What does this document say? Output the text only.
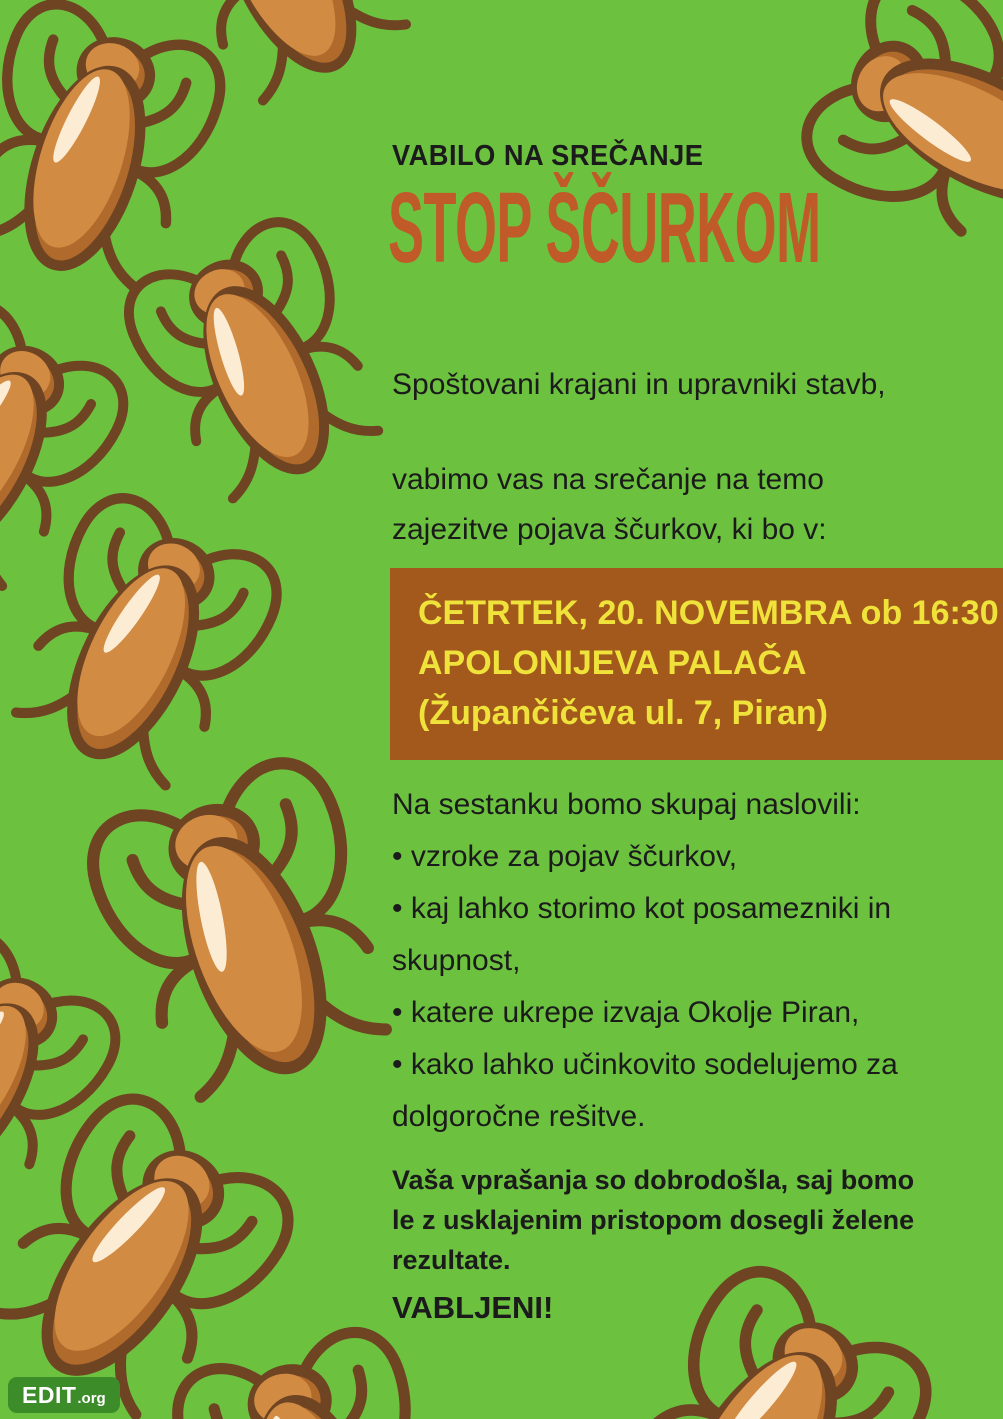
VABILO NA SREČANJE
STOP ŠČURKOM
Spoštovani krajani in upravniki stavb,
vabimo vas na srečanje na temo
zajezitve pojava ščurkov, ki bo v:
ČETRTEK, 20. NOVEMBRA ob 16:30
APOLONIJEVA PALAČA
(Župančičeva ul. 7, Piran)
Na sestanku bomo skupaj naslovili:
• vzroke za pojav ščurkov,
• kaj lahko storimo kot posamezniki in
skupnost,
• katere ukrepe izvaja Okolje Piran,
• kako lahko učinkovito sodelujemo za
dolgoročne rešitve.
Vaša vprašanja so dobrodošla, saj bomo
le z usklajenim pristopom dosegli želene
rezultate.
VABLJENI!
EDIT .org
